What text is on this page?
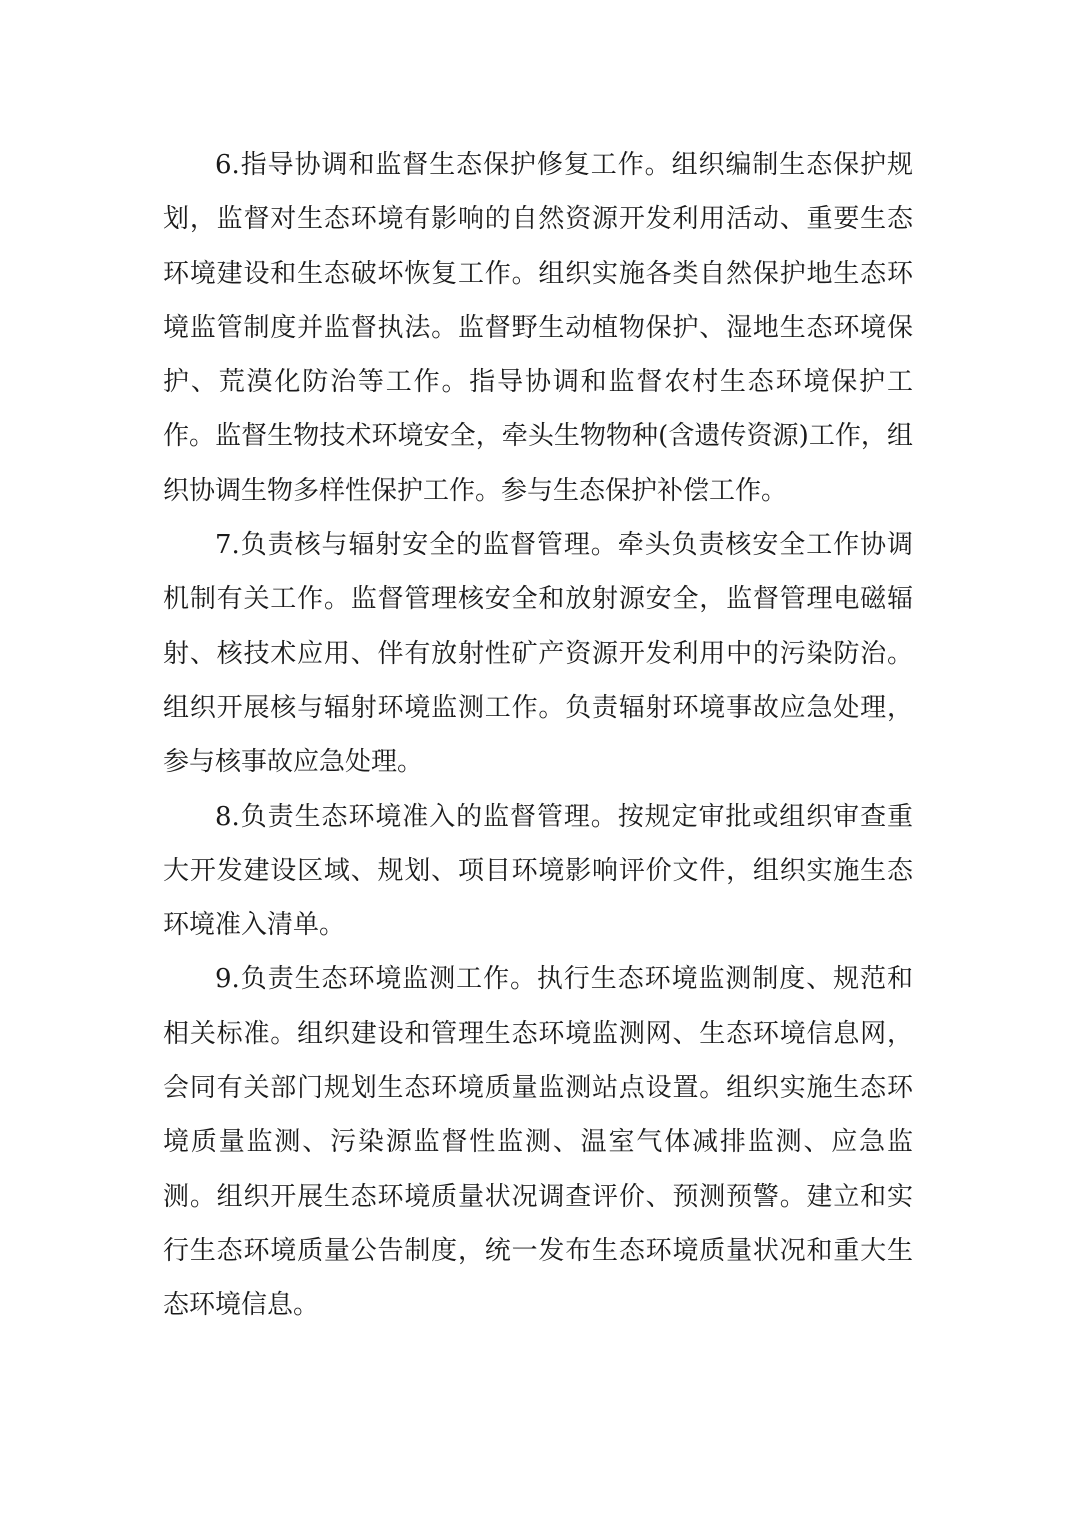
6.指导协调和监督生态保护修复工作。组织编制生态保护规划，监督对生态环境有影响的自然资源开发利用活动、重要生态环境建设和生态破坏恢复工作。组织实施各类自然保护地生态环境监管制度并监督执法。监督野生动植物保护、湿地生态环境保护、荒漠化防治等工作。指导协调和监督农村生态环境保护工作。监督生物技术环境安全，牵头生物物种(含遗传资源)工作，组织协调生物多样性保护工作。参与生态保护补偿工作。

7.负责核与辐射安全的监督管理。牵头负责核安全工作协调机制有关工作。监督管理核安全和放射源安全，监督管理电磁辐射、核技术应用、伴有放射性矿产资源开发利用中的污染防治。组织开展核与辐射环境监测工作。负责辐射环境事故应急处理，参与核事故应急处理。

8.负责生态环境准入的监督管理。按规定审批或组织审查重大开发建设区域、规划、项目环境影响评价文件，组织实施生态环境准入清单。

9.负责生态环境监测工作。执行生态环境监测制度、规范和相关标准。组织建设和管理生态环境监测网、生态环境信息网，会同有关部门规划生态环境质量监测站点设置。组织实施生态环境质量监测、污染源监督性监测、温室气体减排监测、应急监测。组织开展生态环境质量状况调查评价、预测预警。建立和实行生态环境质量公告制度，统一发布生态环境质量状况和重大生态环境信息。
